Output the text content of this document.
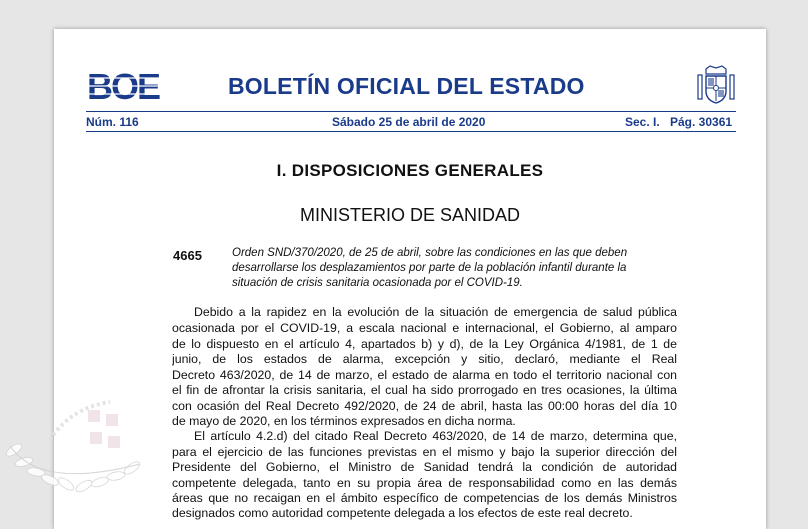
BOE	BOLETÍN OFICIAL DEL ESTADO
Núm. 116	Sábado 25 de abril de 2020	Sec. I. Pág. 30361
I. DISPOSICIONES GENERALES
MINISTERIO DE SANIDAD
4665	Orden SND/370/2020, de 25 de abril, sobre las condiciones en las que deben
desarrollarse los desplazamientos por parte de la población infantil durante la
situación de crisis sanitaria ocasionada por el COVID-19.
Debido a la rapidez en la evolución de la situación de emergencia de salud pública
ocasionada por el COVID-19, a escala nacional e internacional, el Gobierno, al amparo
de lo dispuesto en el artículo 4, apartados b) y d), de la Ley Orgánica 4/1981, de 1 de
junio, de los estados de alarma, excepción y sitio, declaró, mediante el Real
Decreto 463/2020, de 14 de marzo, el estado de alarma en todo el territorio nacional con
el fin de afrontar la crisis sanitaria, el cual ha sido prorrogado en tres ocasiones, la última
con ocasión del Real Decreto 492/2020, de 24 de abril, hasta las 00:00 horas del día 10
de mayo de 2020, en los términos expresados en dicha norma.
El artículo 4.2.d) del citado Real Decreto 463/2020, de 14 de marzo, determina que,
para el ejercicio de las funciones previstas en el mismo y bajo la superior dirección del
Presidente del Gobierno, el Ministro de Sanidad tendrá la condición de autoridad
competente delegada, tanto en su propia área de responsabilidad como en las demás
áreas que no recaigan en el ámbito específico de competencias de los demás Ministros
designados como autoridad competente delegada a los efectos de este real decreto.
